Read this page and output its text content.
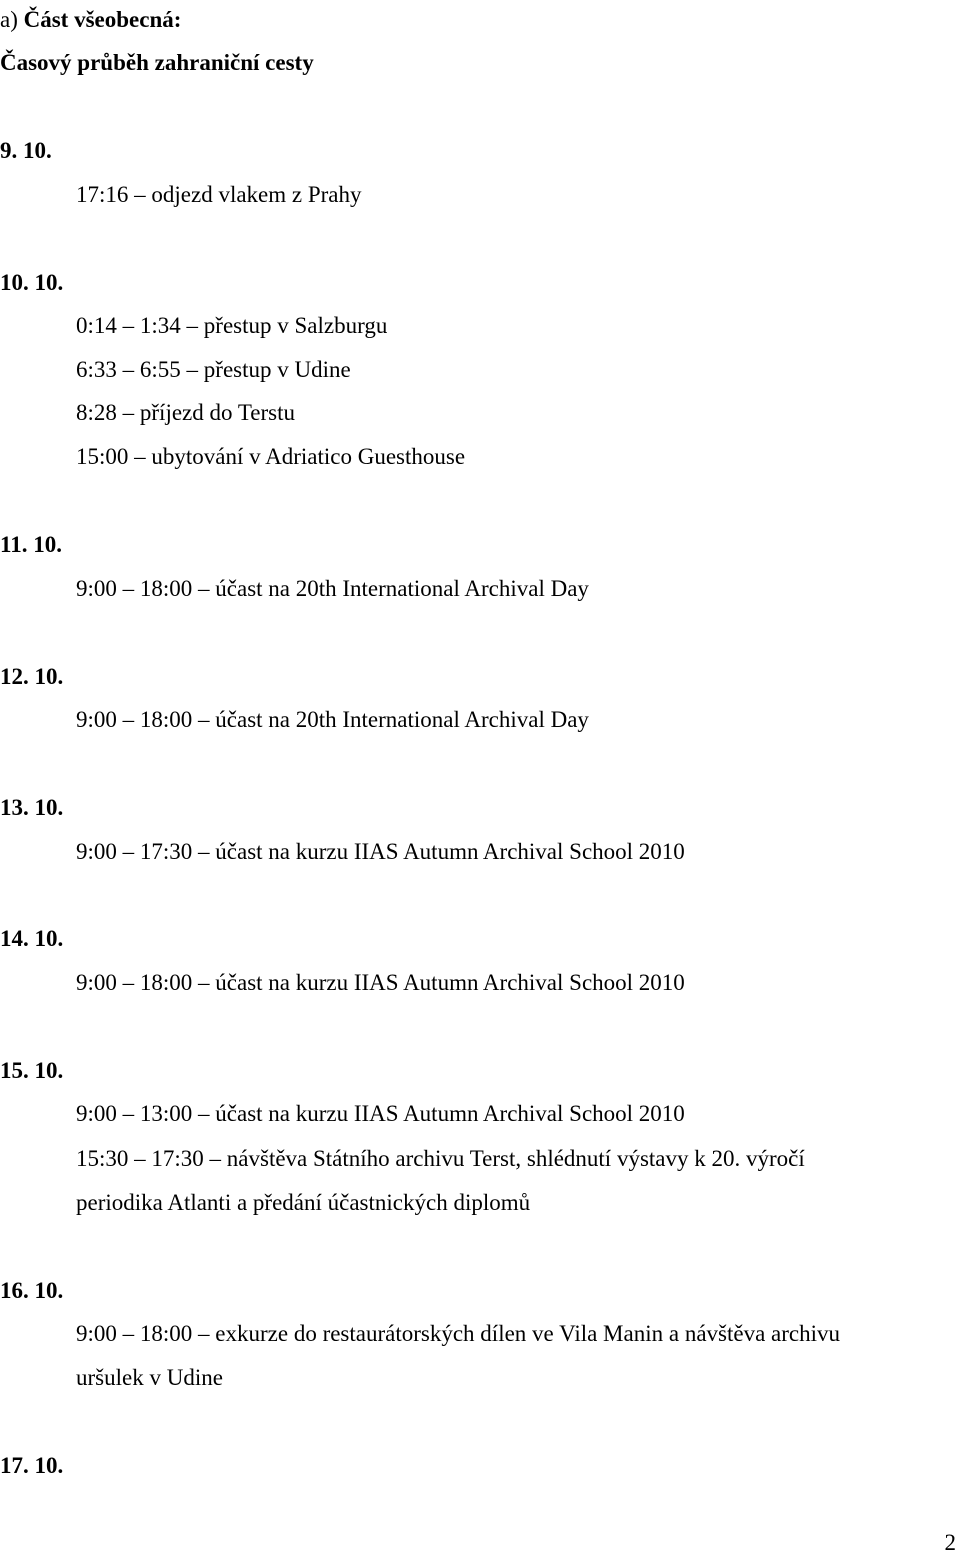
a) Část všeobecná:
Časový průběh zahraniční cesty
9. 10.
17:16 – odjezd vlakem z Prahy
10. 10.
0:14 – 1:34 – přestup v Salzburgu
6:33 – 6:55 – přestup v Udine
8:28 – příjezd do Terstu
15:00 – ubytování v Adriatico Guesthouse
11. 10.
9:00 – 18:00 – účast na 20th International Archival Day
12. 10.
9:00 – 18:00 – účast na 20th International Archival Day
13. 10.
9:00 – 17:30 – účast na kurzu IIAS Autumn Archival School 2010
14. 10.
9:00 – 18:00 – účast na kurzu IIAS Autumn Archival School 2010
15. 10.
9:00 – 13:00 – účast na kurzu IIAS Autumn Archival School 2010
15:30 – 17:30 – návštěva Státního archivu Terst, shlédnutí výstavy k 20. výročí
periodika Atlanti a předání účastnických diplomů
16. 10.
9:00 – 18:00 – exkurze do restaurátorských dílen ve Vila Manin a návštěva archivu
uršulek v Udine
17. 10.
2
